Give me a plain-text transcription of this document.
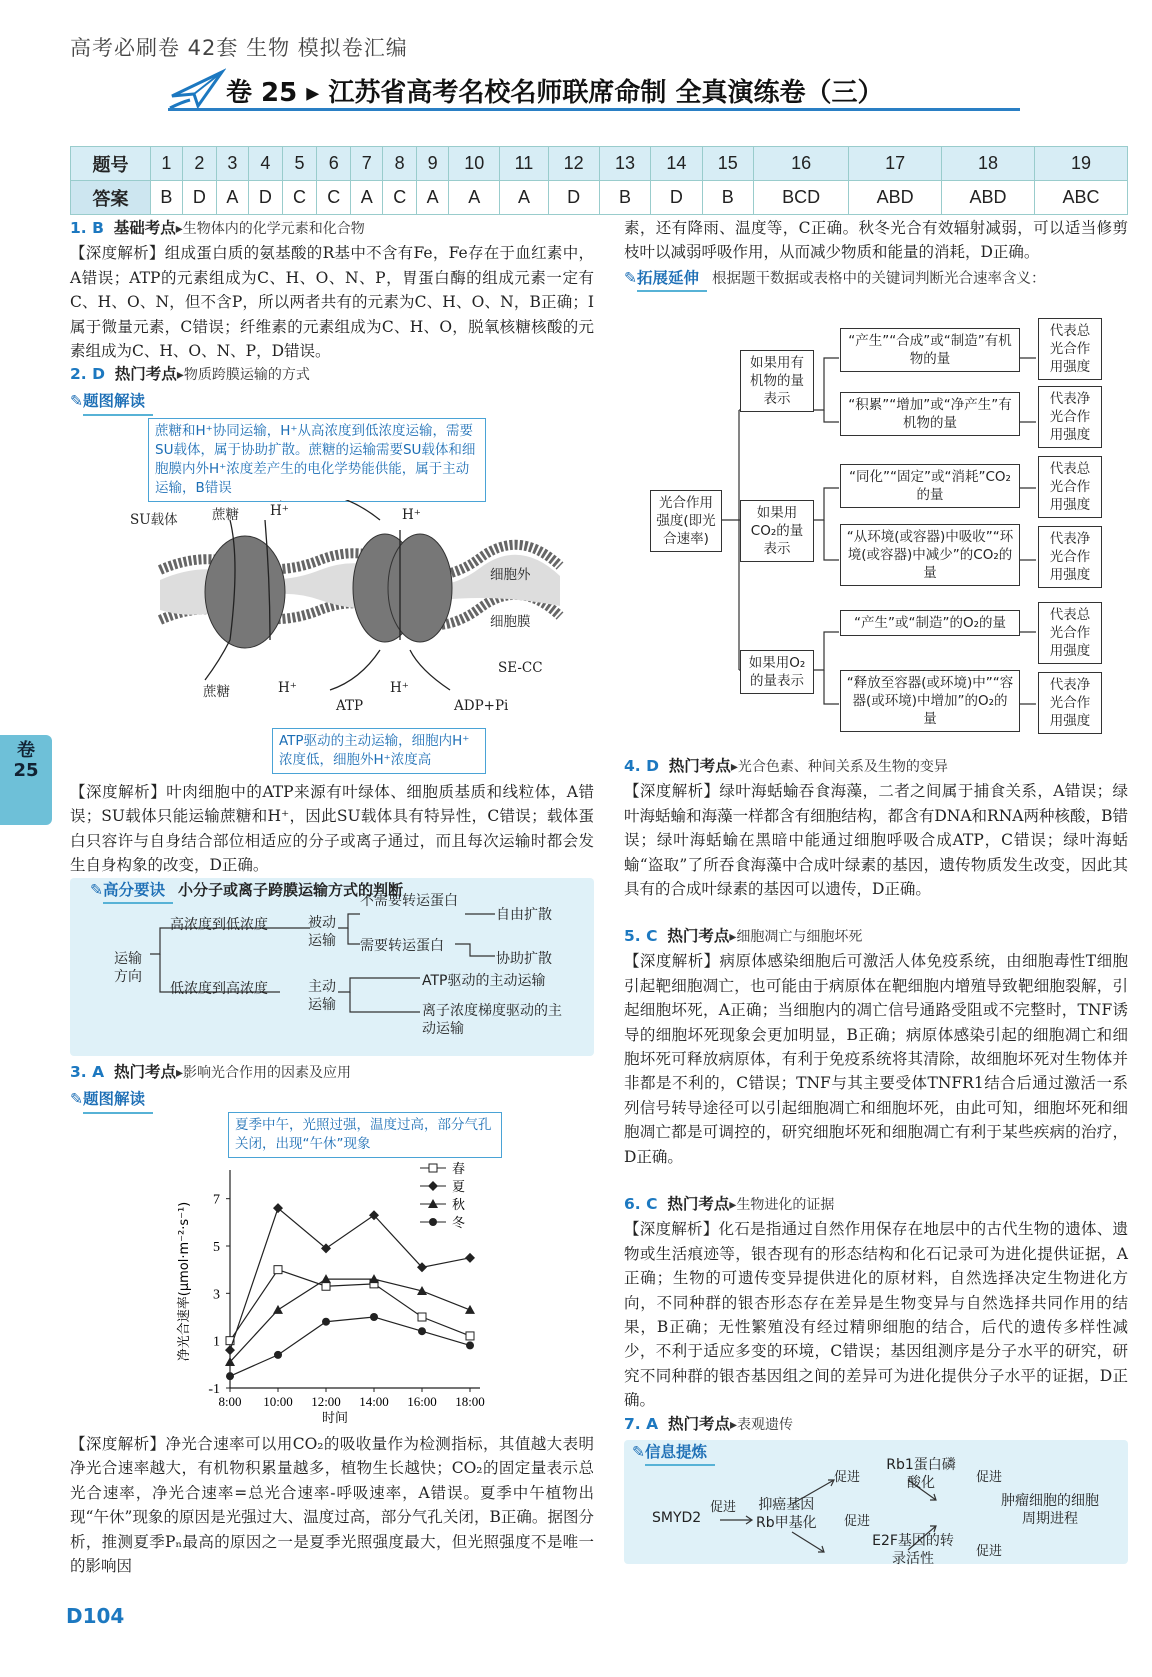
高考必刷卷 42套 生物 模拟卷汇编
卷 25 ▸ 江苏省高考名校名师联席命制 全真演练卷（三）
题号	1	2	3	4	5	6	7	8	9	10	11	12	13	14	15	16	17	18	19
答案	B	D	A	D	C	C	A	C	A	A	A	D	B	D	B	BCD	ABD	ABD	ABC
卷
25
1. B 基础考点▸生物体内的化学元素和化合物
【深度解析】组成蛋白质的氨基酸的R基中不含有Fe，Fe存在于血红素中，A错误；ATP的元素组成为C、H、O、N、P，胃蛋白酶的组成元素一定有C、H、O、N，但不含P，所以两者共有的元素为C、H、O、N，B正确；I属于微量元素，C错误；纤维素的元素组成为C、H、O，脱氧核糖核酸的元素组成为C、H、O、N、P，D错误。
2. D 热门考点▸物质跨膜运输的方式
✎题图解读
蔗糖和H⁺协同运输，H⁺从高浓度到低浓度运输，需要SU载体，属于协助扩散。蔗糖的运输需要SU载体和细胞膜内外H⁺浓度差产生的电化学势能供能，属于主动运输，B错误
SU载体	蔗糖 H⁺	H⁺
细胞外
细胞膜
蔗糖	H⁺	H⁺
SE-CC
ATP	ADP+Pi
ATP驱动的主动运输，细胞内H⁺浓度低，细胞外H⁺浓度高
【深度解析】叶肉细胞中的ATP来源有叶绿体、细胞质基质和线粒体，A错误；SU载体只能运输蔗糖和H⁺，因此SU载体具有特异性，C错误；载体蛋白只容许与自身结合部位相适应的分子或离子通过，而且每次运输时都会发生自身构象的改变，D正确。
✎高分要诀 小分子或离子跨膜运输方式的判断
运输
方向
高浓度到低浓度
低浓度到高浓度
被动
运输
主动
运输
不需要转运蛋白
需要转运蛋白
自由扩散
协助扩散
ATP驱动的主动运输
离子浓度梯度驱动的主动运输
3. A 热门考点▸影响光合作用的因素及应用
✎题图解读
夏季中午，光照过强，温度过高，部分气孔关闭，出现“午休”现象
-1
1
3
5
7
8:00 10:00 12:00 14:00 16:00 18:00
时间
净光合速率(μmol·m⁻²·s⁻¹)
春
夏
秋
冬
【深度解析】净光合速率可以用CO₂的吸收量作为检测指标，其值越大表明净光合速率越大，有机物积累量越多，植物生长越快；CO₂的固定量表示总光合速率，净光合速率=总光合速率-呼吸速率，A错误。夏季中午植物出现“午休”现象的原因是光强过大、温度过高，部分气孔关闭，B正确。据图分析，推测夏季Pₙ最高的原因之一是夏季光照强度最大，但光照强度不是唯一的影响因
素，还有降雨、温度等，C正确。秋冬光合有效辐射减弱，可以适当修剪枝叶以减弱呼吸作用，从而减少物质和能量的消耗，D正确。
✎拓展延伸 根据题干数据或表格中的关键词判断光合速率含义：
光合作用强度(即光合速率)
如果用有机物的量表示
如果用CO₂的量表示
如果用O₂的量表示
“产生”“合成”或“制造”有机物的量
“积累”“增加”或“净产生”有机物的量
“同化”“固定”或“消耗”CO₂的量
“从环境(或容器)中吸收”“环境(或容器)中减少”的CO₂的量
“产生”或“制造”的O₂的量
“释放至容器(或环境)中”“容器(或环境)中增加”的O₂的量
代表总光合作用强度
代表净光合作用强度
代表总光合作用强度
代表净光合作用强度
代表总光合作用强度
代表净光合作用强度
4. D 热门考点▸光合色素、种间关系及生物的变异
【深度解析】绿叶海蛞蝓吞食海藻，二者之间属于捕食关系，A错误；绿叶海蛞蝓和海藻一样都含有细胞结构，都含有DNA和RNA两种核酸，B错误；绿叶海蛞蝓在黑暗中能通过细胞呼吸合成ATP，C错误；绿叶海蛞蝓“盗取”了所吞食海藻中合成叶绿素的基因，遗传物质发生改变，因此其具有的合成叶绿素的基因可以遗传，D正确。
5. C 热门考点▸细胞凋亡与细胞坏死
【深度解析】病原体感染细胞后可激活人体免疫系统，由细胞毒性T细胞引起靶细胞凋亡，也可能由于病原体在靶细胞内增殖导致靶细胞裂解，引起细胞坏死，A正确；当细胞内的凋亡信号通路受阻或不完整时，TNF诱导的细胞坏死现象会更加明显，B正确；病原体感染引起的细胞凋亡和细胞坏死可释放病原体，有利于免疫系统将其清除，故细胞坏死对生物体并非都是不利的，C错误；TNF与其主要受体TNFR1结合后通过激活一系列信号转导途径可以引起细胞凋亡和细胞坏死，由此可知，细胞坏死和细胞凋亡都是可调控的，研究细胞坏死和细胞凋亡有利于某些疾病的治疗，D正确。
6. C 热门考点▸生物进化的证据
【深度解析】化石是指通过自然作用保存在地层中的古代生物的遗体、遗物或生活痕迹等，银杏现有的形态结构和化石记录可为进化提供证据，A正确；生物的可遗传变异提供进化的原材料，自然选择决定生物进化方向，不同种群的银杏形态存在差异是生物变异与自然选择共同作用的结果，B正确；无性繁殖没有经过精卵细胞的结合，后代的遗传多样性减少，不利于适应多变的环境，C错误；基因组测序是分子水平的研究，研究不同种群的银杏基因组之间的差异可为进化提供分子水平的证据，D正确。
7. A 热门考点▸表观遗传
✎信息提炼
SMYD2
促进 抑癌基因
Rb甲基化
促进
Rb1蛋白磷酸化
促进
E2F基因的转录活性
促进
促进
肿瘤细胞的细胞周期进程
D104
